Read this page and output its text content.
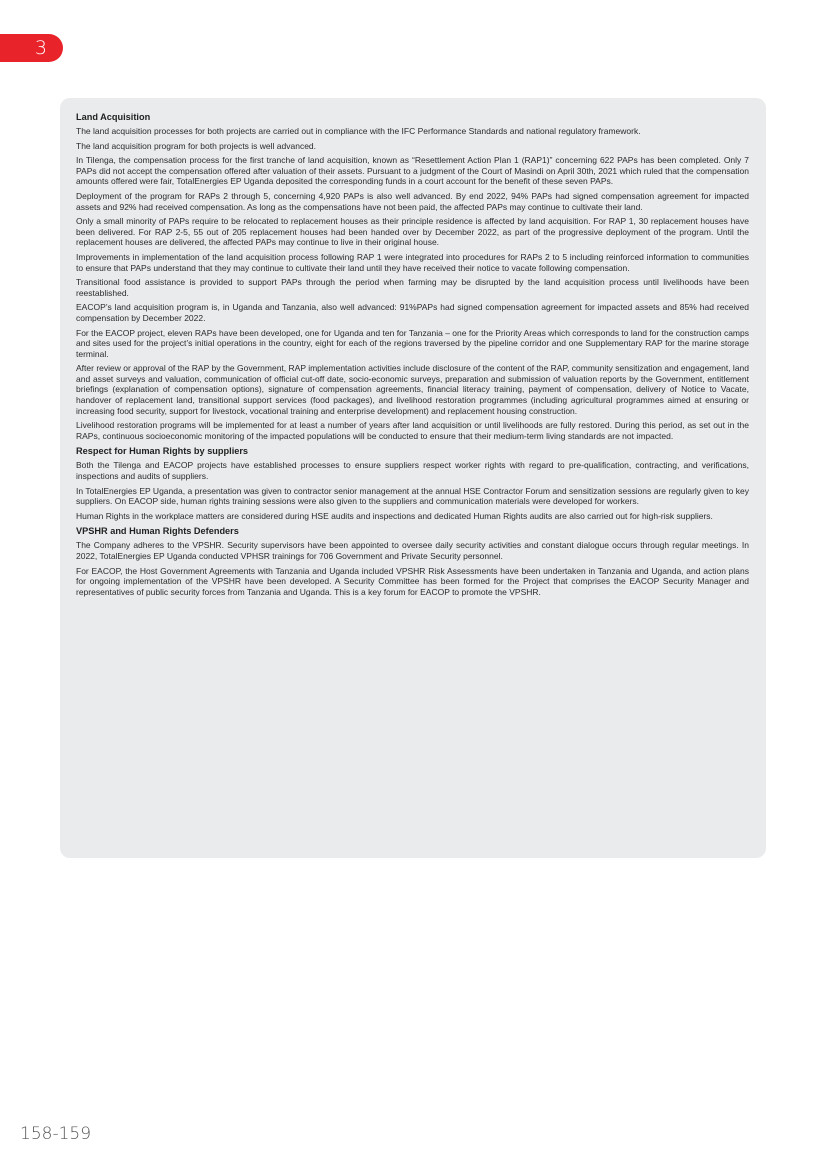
3
Land Acquisition

The land acquisition processes for both projects are carried out in compliance with the IFC Performance Standards and national regulatory framework.

The land acquisition program for both projects is well advanced.

In Tilenga, the compensation process for the first tranche of land acquisition, known as “Resettlement Action Plan 1 (RAP1)” concerning 622 PAPs has been completed. Only 7 PAPs did not accept the compensation offered after valuation of their assets. Pursuant to a judgment of the Court of Masindi on April 30th, 2021 which ruled that the compensation amounts offered were fair, TotalEnergies EP Uganda deposited the corresponding funds in a court account for the benefit of these seven PAPs.

Deployment of the program for RAPs 2 through 5, concerning 4,920 PAPs is also well advanced. By end 2022, 94% PAPs had signed compensation agreement for impacted assets and 92% had received compensation. As long as the compensations have not been paid, the affected PAPs may continue to cultivate their land.

Only a small minority of PAPs require to be relocated to replacement houses as their principle residence is affected by land acquisition. For RAP 1, 30 replacement houses have been delivered. For RAP 2-5, 55 out of 205 replacement houses had been handed over by December 2022, as part of the progressive deployment of the program. Until the replacement houses are delivered, the affected PAPs may continue to live in their original house.

Improvements in implementation of the land acquisition process following RAP 1 were integrated into procedures for RAPs 2 to 5 including reinforced information to communities to ensure that PAPs understand that they may continue to cultivate their land until they have received their notice to vacate following compensation.

Transitional food assistance is provided to support PAPs through the period when farming may be disrupted by the land acquisition process until livelihoods have been reestablished.

EACOP’s land acquisition program is, in Uganda and Tanzania, also well advanced: 91%PAPs had signed compensation agreement for impacted assets and 85% had received compensation by December 2022.

For the EACOP project, eleven RAPs have been developed, one for Uganda and ten for Tanzania – one for the Priority Areas which corresponds to land for the construction camps and sites used for the project’s initial operations in the country, eight for each of the regions traversed by the pipeline corridor and one Supplementary RAP for the marine storage terminal.

After review or approval of the RAP by the Government, RAP implementation activities include disclosure of the content of the RAP, community sensitization and engagement, land and asset surveys and valuation, communication of official cut-off date, socio-economic surveys, preparation and submission of valuation reports by the Government, entitlement briefings (explanation of compensation options), signature of compensation agreements, financial literacy training, payment of compensation, delivery of Notice to Vacate, handover of replacement land, transitional support services (food packages), and livelihood restoration programmes (including agricultural programmes aimed at ensuring or increasing food security, support for livestock, vocational training and enterprise development) and replacement housing construction.

Livelihood restoration programs will be implemented for at least a number of years after land acquisition or until livelihoods are fully restored. During this period, as set out in the RAPs, continuous socioeconomic monitoring of the impacted populations will be conducted to ensure that their medium-term living standards are not impacted.

Respect for Human Rights by suppliers

Both the Tilenga and EACOP projects have established processes to ensure suppliers respect worker rights with regard to pre-qualification, contracting, and verifications, inspections and audits of suppliers.

In TotalEnergies EP Uganda, a presentation was given to contractor senior management at the annual HSE Contractor Forum and sensitization sessions are regularly given to key suppliers. On EACOP side, human rights training sessions were also given to the suppliers and communication materials were developed for workers.

Human Rights in the workplace matters are considered during HSE audits and inspections and dedicated Human Rights audits are also carried out for high-risk suppliers.

VPSHR and Human Rights Defenders

The Company adheres to the VPSHR. Security supervisors have been appointed to oversee daily security activities and constant dialogue occurs through regular meetings. In 2022, TotalEnergies EP Uganda conducted VPHSR trainings for 706 Government and Private Security personnel.

For EACOP, the Host Government Agreements with Tanzania and Uganda included VPSHR Risk Assessments have been undertaken in Tanzania and Uganda, and action plans for ongoing implementation of the VPSHR have been developed. A Security Committee has been formed for the Project that comprises the EACOP Security Manager and representatives of public security forces from Tanzania and Uganda. This is a key forum for EACOP to promote the VPSHR.

158-159
